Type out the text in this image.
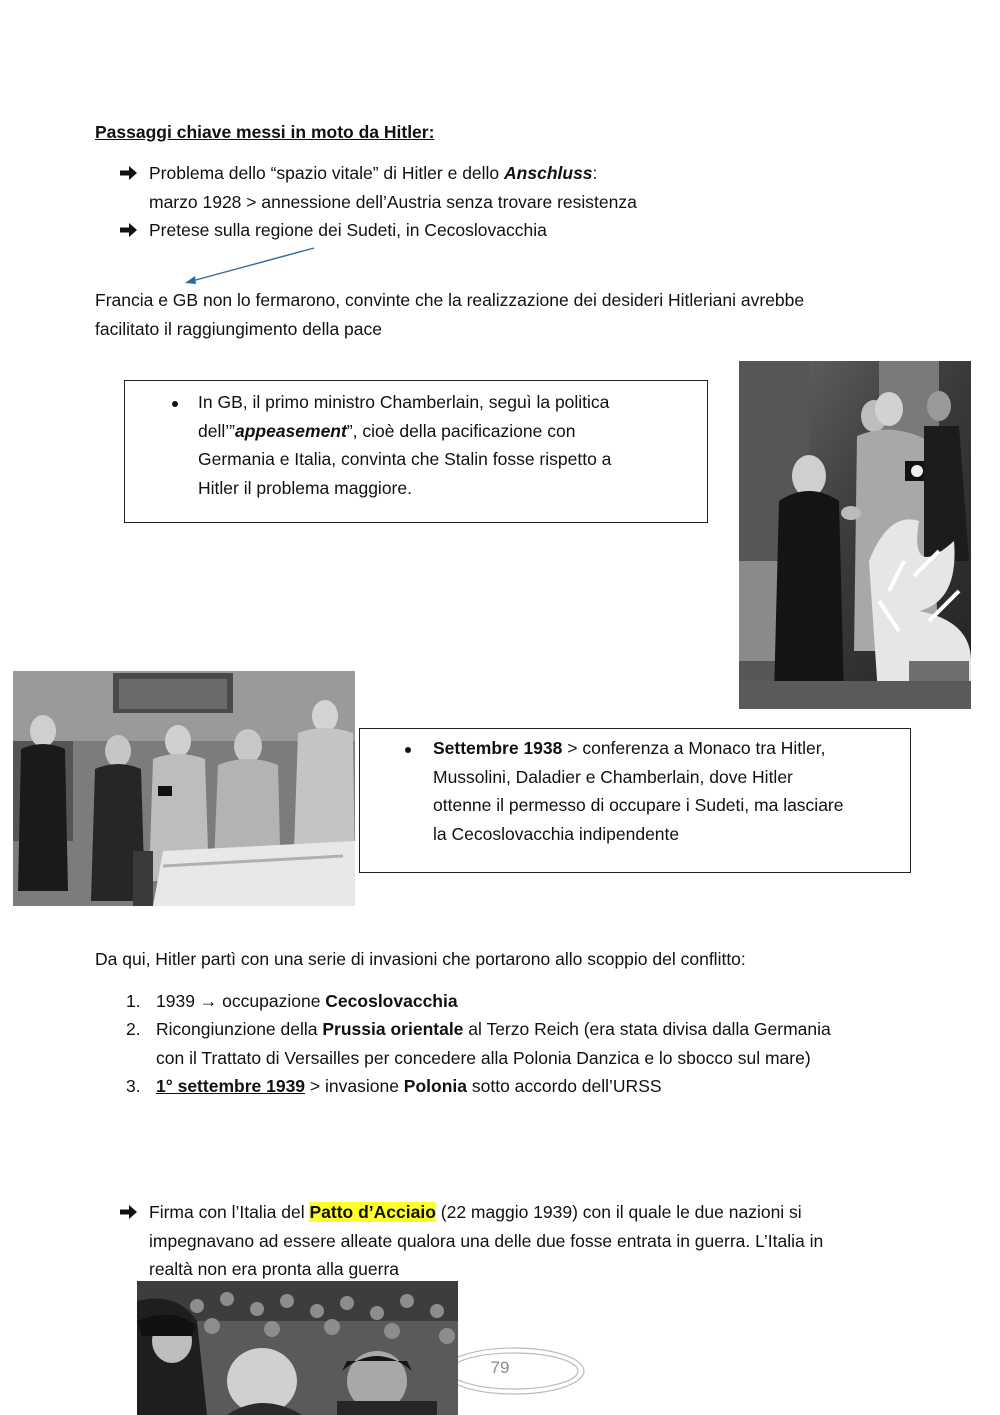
Passaggi chiave messi in moto da Hitler:
Problema dello “spazio vitale” di Hitler e dello Anschluss:
marzo 1928 > annessione dell’Austria senza trovare resistenza
Pretese sulla regione dei Sudeti, in Cecoslovacchia
Francia e GB non lo fermarono, convinte che la realizzazione dei desideri Hitleriani avrebbe
facilitato il raggiungimento della pace
In GB, il primo ministro Chamberlain, seguì la politica
dell’”appeasement”, cioè della pacificazione con
Germania e Italia, convinta che Stalin fosse rispetto a
Hitler il problema maggiore.
Settembre 1938 > conferenza a Monaco tra Hitler,
Mussolini, Daladier e Chamberlain, dove Hitler
ottenne il permesso di occupare i Sudeti, ma lasciare
la Cecoslovacchia indipendente
Da qui, Hitler partì con una serie di invasioni che portarono allo scoppio del conflitto:
1. 1939 → occupazione Cecoslovacchia
2. Ricongiunzione della Prussia orientale al Terzo Reich (era stata divisa dalla Germania
con il Trattato di Versailles per concedere alla Polonia Danzica e lo sbocco sul mare)
3. 1° settembre 1939 > invasione Polonia sotto accordo dell’URSS
Firma con l’Italia del Patto d’Acciaio (22 maggio 1939) con il quale le due nazioni si
impegnavano ad essere alleate qualora una delle due fosse entrata in guerra. L’Italia in
realtà non era pronta alla guerra
79
